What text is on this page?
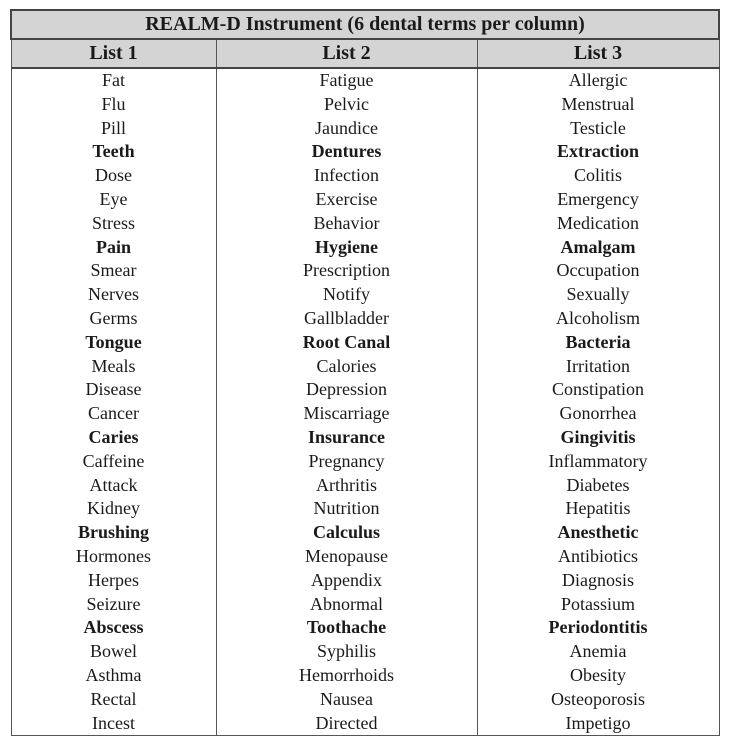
REALM-D Instrument (6 dental terms per column)		
List 1	List 2	List 3
Fat	Fatigue	Allergic
Flu	Pelvic	Menstrual
Pill	Jaundice	Testicle
Teeth	Dentures	Extraction
Dose	Infection	Colitis
Eye	Exercise	Emergency
Stress	Behavior	Medication
Pain	Hygiene	Amalgam
Smear	Prescription	Occupation
Nerves	Notify	Sexually
Germs	Gallbladder	Alcoholism
Tongue	Root Canal	Bacteria
Meals	Calories	Irritation
Disease	Depression	Constipation
Cancer	Miscarriage	Gonorrhea
Caries	Insurance	Gingivitis
Caffeine	Pregnancy	Inflammatory
Attack	Arthritis	Diabetes
Kidney	Nutrition	Hepatitis
Brushing	Calculus	Anesthetic
Hormones	Menopause	Antibiotics
Herpes	Appendix	Diagnosis
Seizure	Abnormal	Potassium
Abscess	Toothache	Periodontitis
Bowel	Syphilis	Anemia
Asthma	Hemorrhoids	Obesity
Rectal	Nausea	Osteoporosis
Incest	Directed	Impetigo
